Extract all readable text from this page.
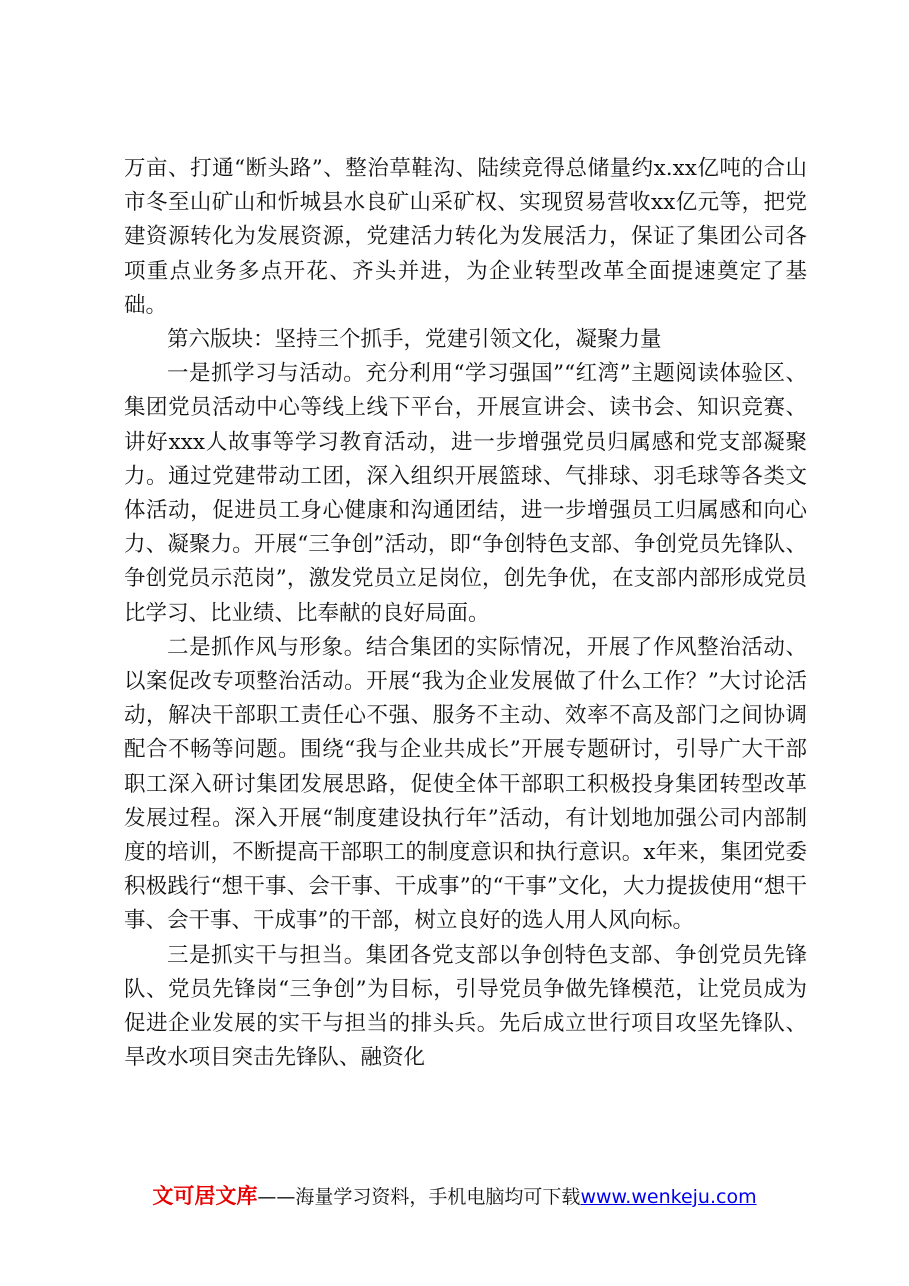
万亩、打通“断头路”、整治草鞋沟、陆续竞得总储量约x.xx亿吨的合山市冬至山矿山和忻城县水良矿山采矿权、实现贸易营收xx亿元等，把党建资源转化为发展资源，党建活力转化为发展活力，保证了集团公司各项重点业务多点开花、齐头并进，为企业转型改革全面提速奠定了基础。

第六版块：坚持三个抓手，党建引领文化，凝聚力量

一是抓学习与活动。充分利用“学习强国”“红湾”主题阅读体验区、集团党员活动中心等线上线下平台，开展宣讲会、读书会、知识竞赛、讲好xxx人故事等学习教育活动，进一步增强党员归属感和党支部凝聚力。通过党建带动工团，深入组织开展篮球、气排球、羽毛球等各类文体活动，促进员工身心健康和沟通团结，进一步增强员工归属感和向心力、凝聚力。开展“三争创”活动，即“争创特色支部、争创党员先锋队、争创党员示范岗”，激发党员立足岗位，创先争优，在支部内部形成党员比学习、比业绩、比奉献的良好局面。

二是抓作风与形象。结合集团的实际情况，开展了作风整治活动、以案促改专项整治活动。开展“我为企业发展做了什么工作？”大讨论活动，解决干部职工责任心不强、服务不主动、效率不高及部门之间协调配合不畅等问题。围绕“我与企业共成长”开展专题研讨，引导广大干部职工深入研讨集团发展思路，促使全体干部职工积极投身集团转型改革发展过程。深入开展“制度建设执行年”活动，有计划地加强公司内部制度的培训，不断提高干部职工的制度意识和执行意识。x年来，集团党委积极践行“想干事、会干事、干成事”的“干事”文化，大力提拔使用“想干事、会干事、干成事”的干部，树立良好的选人用人风向标。

三是抓实干与担当。集团各党支部以争创特色支部、争创党员先锋队、党员先锋岗“三争创”为目标，引导党员争做先锋模范，让党员成为促进企业发展的实干与担当的排头兵。先后成立世行项目攻坚先锋队、旱改水项目突击先锋队、融资化

文可居文库——海量学习资料，手机电脑均可下载www.wenkeju.com
